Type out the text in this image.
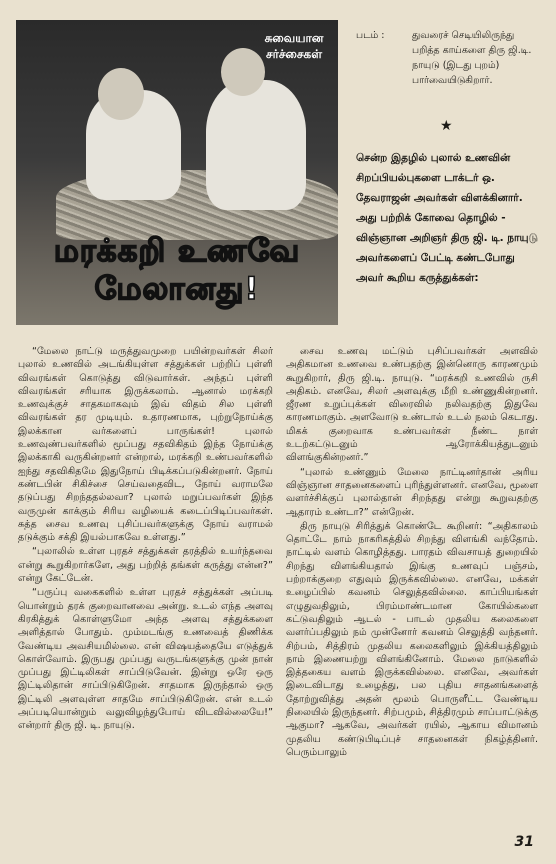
சுவையான சர்ச்சைகள்
மரக்கறி உணவே
மேலானது!
படம் :	துவரைச் செடியிலிருந்து பறித்த காய்களை திரு ஜி.டி. நாயுடு (இடது புறம்) பார்வையிடுகிறார்.
★
சென்ற இதழில் புலால் உணவின் சிறப்பியல்புகளை டாக்டர் ஒ. தேவராஜன் அவர்கள் விளக்கினார். அது பற்றிக் கோவை தொழில் - விஞ்ஞான அறிஞர் திரு ஜி. டி. நாயுடு அவர்களைப் பேட்டி கண்டபோது அவர் கூறிய கருத்துக்கள்:

“மேலை நாட்டு மருத்துவமுறை பயின்றவர்கள் சிலர் புலால் உணவில் அடங்கியுள்ள சத்துக்கள் பற்றிப் புள்ளி விவரங்கள் கொடுத்து விடுவார்கள். அந்தப் புள்ளி விவரங்கள் சரியாக இருக்கலாம். ஆனால் மரக்கறி உணவுக்குச் சாதகமாகவும் இவ் விதம் சில புள்ளி விவரங்கள் தர முடியும். உதாரணமாக, புற்றுநோய்க்கு இலக்கான வர்களைப் பாருங்கள்! புலால் உணவுண்பவர்களில் மூப்பது சதவிகிதம் இந்த நோய்க்கு இலக்காகி வருகின்றனர் என்றால், மரக்கறி உண்பவர்களில் ஐந்து சதவிகிதமே இதுநோய் பிடிக்கப்படுகின்றனர். நோய் கண்டபின் சிகிச்சை செய்வதைவிட, நோய் வராமலே தடுப்பது சிறந்ததல்லவா? புலால் மறுப்பவர்கள் இந்த வருமுன் காக்கும் சிரிய வழியைக் கடைப்பிடிப்பவர்கள். சுத்த சைவ உணவு புசிப்பவர்களுக்கு நோய் வராமல் தடுக்கும் சக்தி இயல்பாகவே உள்ளது.”

“புலாலில் உள்ள புரதச் சத்துக்கள் தரத்தில் உயர்ந்தவை என்று கூறுகிறார்களே, அது பற்றித் தங்கள் கருத்து என்ன?” என்று கேட்டேன்.

“பருப்பு வகைகளில் உள்ள புரதச் சத்துக்கள் அப்படி யொன்றும் தரக் குறைவானவை அன்று. உடல் எந்த அளவு கிரகித்துக் கொள்ளுமோ அந்த அளவு சத்துக்களை அளித்தால் போதும். மும்மடங்கு உணவைத் திணிக்க வேண்டிய அவசியமில்லை. என் விஷயத்தையே எடுத்துக் கொள்வோம். இருபது முப்பது வருடங்களுக்கு முன் நான் முப்பது இட்டிலிகள் சாப்பிடுவேன். இன்று ஒரே ஒரு இட்டிலிதான் சாப்பிடுகிறேன். சாதமாக இருந்தால் ஒரு இட்டிலி அளவுள்ள சாதமே சாப்பிடுகிறேன். என் உடல் அப்படியொன்றும் வலுவிழந்துபோய் விடவில்லையே!” என்றார் திரு ஜி. டி. நாயுடு.

சைவ உணவு மட்டும் புசிப்பவர்கள் அளவில் அதிகமான உணவை உண்பதற்கு இன்னொரு காரணமும் கூறுகிறார், திரு ஜி.டி. நாயுடு. “மரக்கறி உணவில் ருசி அதிகம். எனவே, சிலர் அளவுக்கு மீறி உண்ணுகின்றனர். ஜீரண உறுப்புக்கள் விரைவில் நலிவதற்கு இதுவே காரணமாகும். அளவோடு உண்டால் உடல் நலம் கெடாது. மிகக் குறைவாக உண்பவர்கள் நீண்ட நாள் உடற்கட்டுடனும் ஆரோக்கியத்துடனும் விளங்குகின்றனர்.”

“புலால் உண்ணும் மேலை நாட்டினர்தான் அரிய விஞ்ஞான சாதனைகளைப் புரிந்துள்ளனர். எனவே, மூளை வளர்ச்சிக்குப் புலால்தான் சிறந்தது என்று கூறுவதற்கு ஆதாரம் உண்டா?” என்றேன்.

திரு நாயுடு சிரித்துக் கொண்டே கூறினர்: “அதிகாலம் தொட்டே நாம் நாகரிகத்தில் சிறந்து விளங்கி வந்தோம். நாட்டில் வளம் கொழித்தது. பாரதம் விவசாயத் துறையில் சிறந்து விளங்கியதால் இங்கு உணவுப் பஞ்சம், பற்றாக்குறை எதுவும் இருக்கவில்லை. எனவே, மக்கள் உழைப்பில் கவனம் செலுத்தவில்லை. காப்பியங்கள் எழுதுவதிலும், பிரம்மாண்டமான கோயில்களை கட்டுவதிலும் ஆடல் - பாடல் முதலிய கலைகளை வளர்ப்பதிலும் நம் முன்னோர் கவனம் செலுத்தி வந்தனர். சிற்பம், சித்திரம் முதலிய கலைகளிலும் இக்கியத்திலும் நாம் இணையற்று விளங்கினோம். மேலை நாடுகளில் இத்தகைய வளம் இருக்கவில்லை. எனவே, அவர்கள் இடைவிடாது உழைத்து, பல புதிய சாதனங்களைத் தோற்றுவித்து அதன் மூலம் பொருளீட்ட வேண்டிய நிலையில் இருந்தனர். சிற்பமும், சித்திரமும் சாப்பாட்டுக்கு ஆகுமா? ஆகவே, அவர்கள் ரயில், ஆகாய விமானம் முதலிய கண்டுபிடிப்புச் சாதனைகள் நிகழ்த்தினர். பெரும்பாலும்

31
